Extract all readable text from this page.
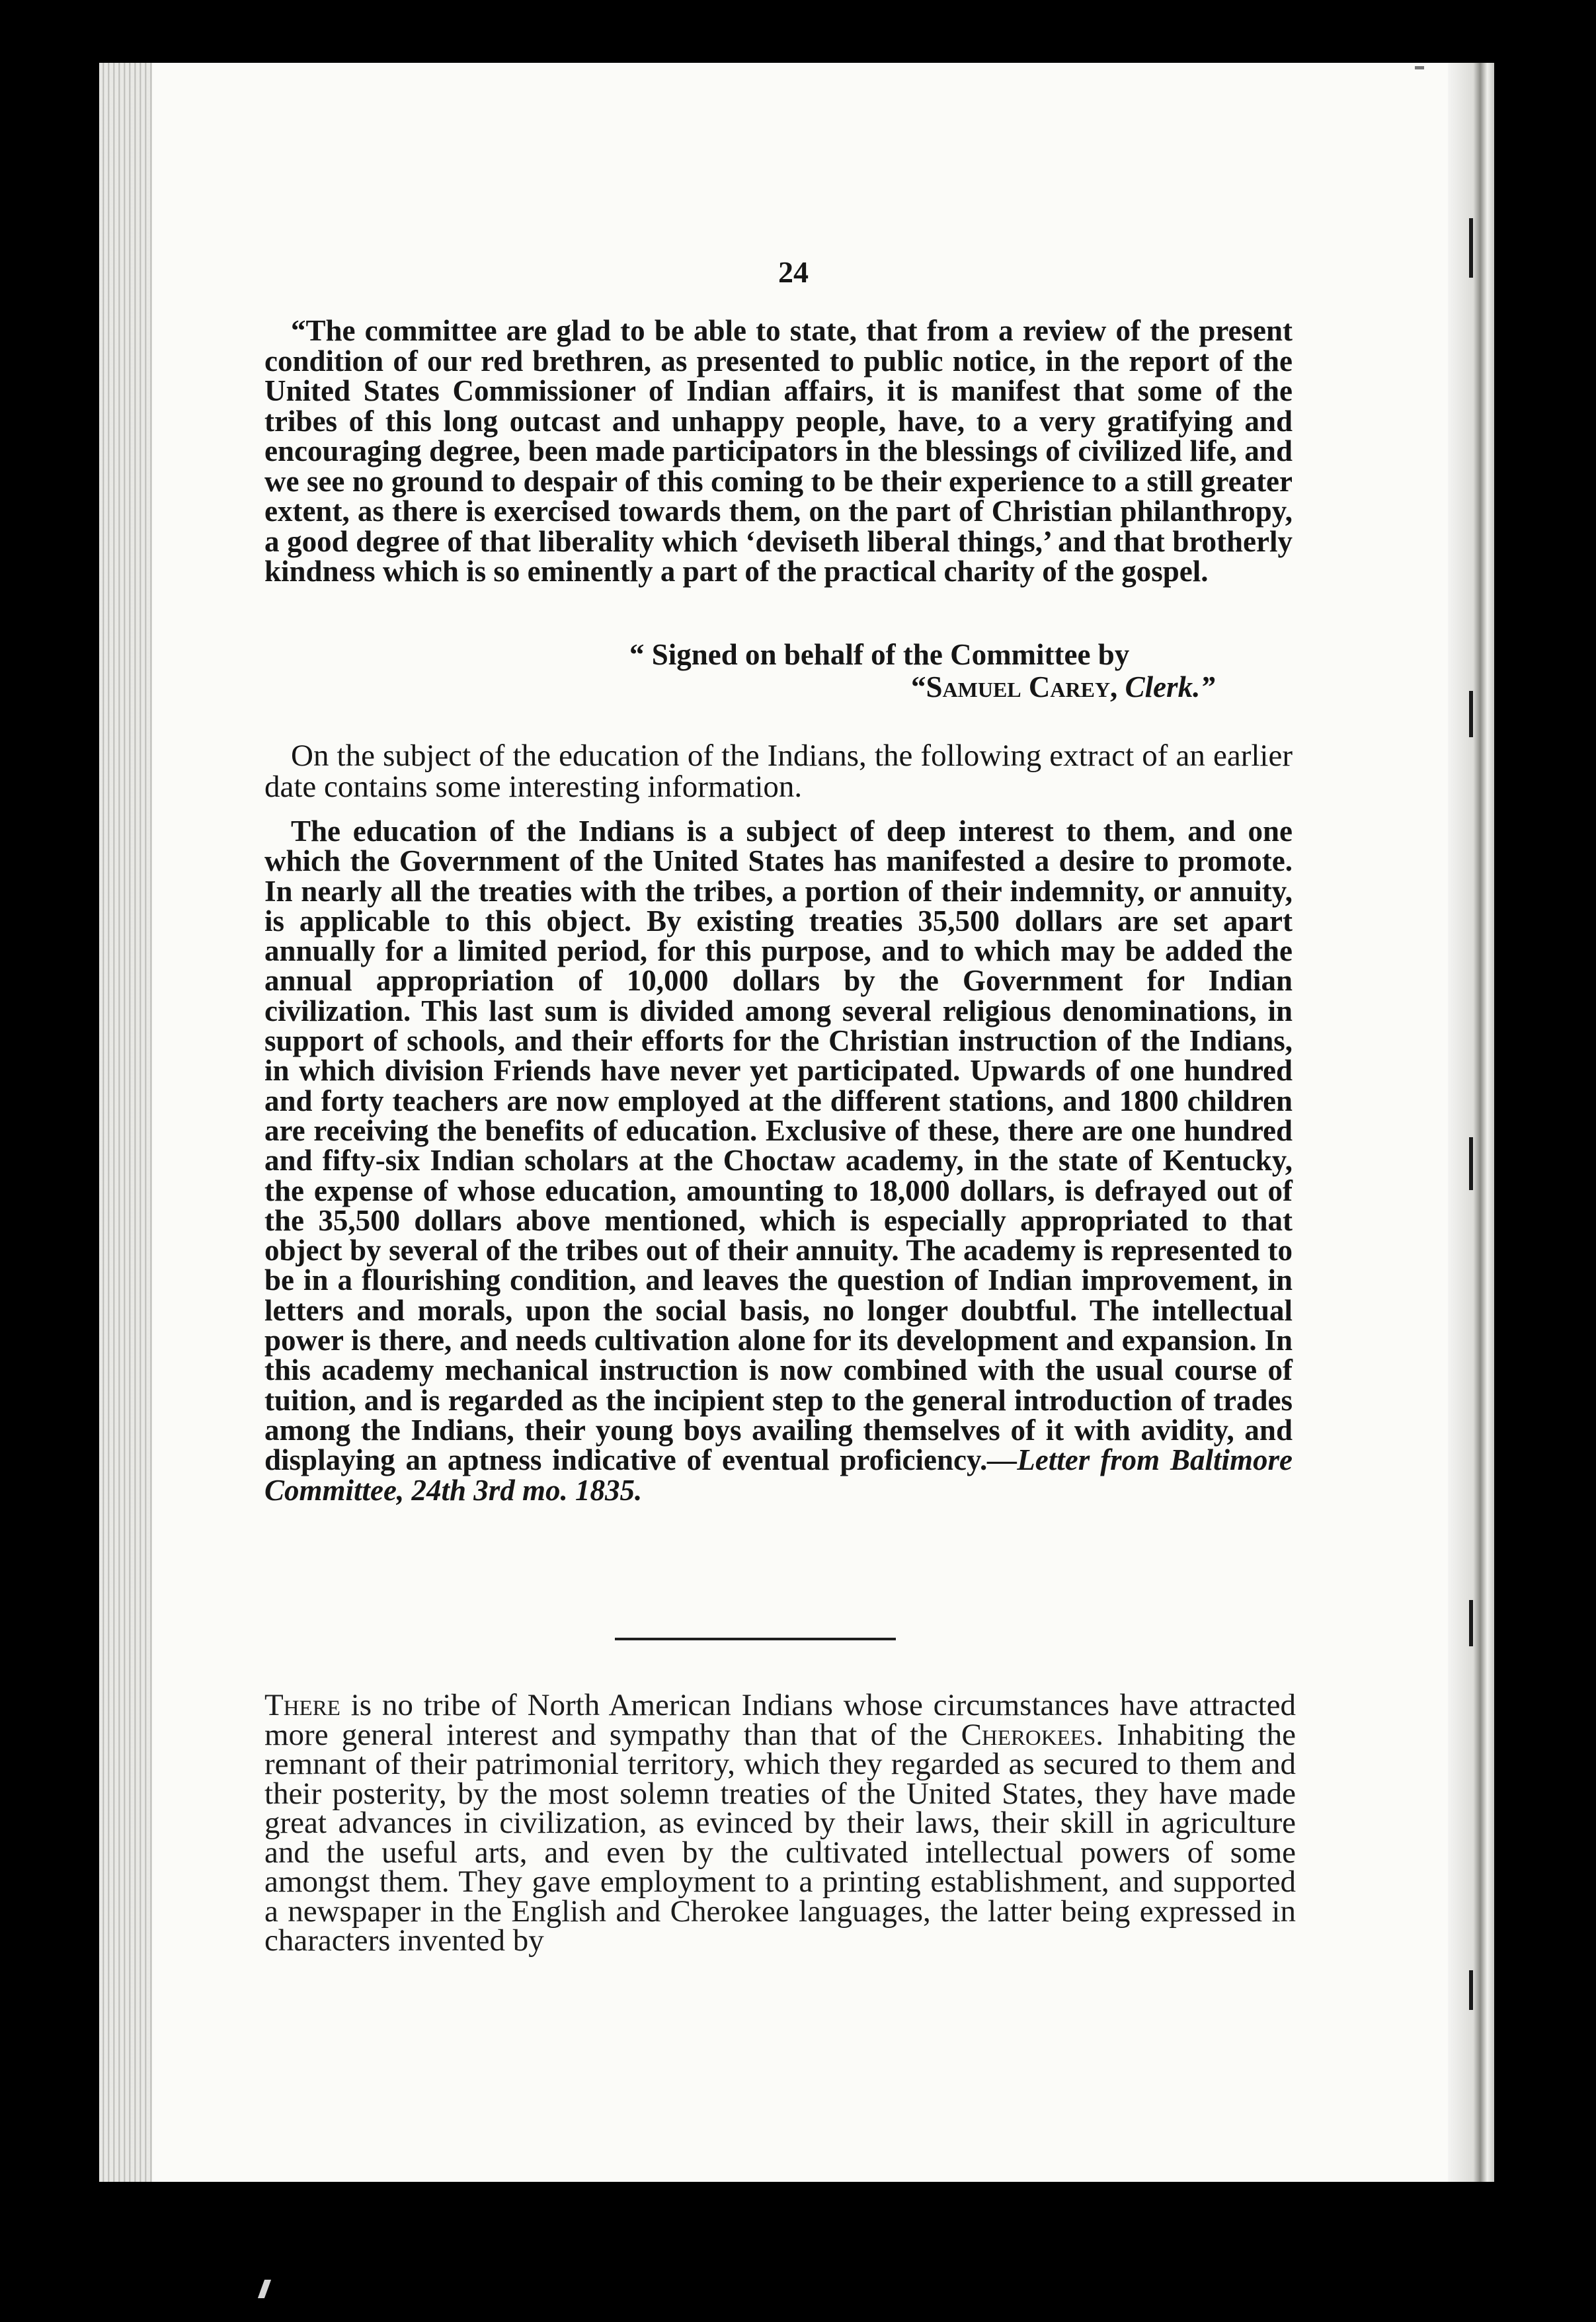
24

“The committee are glad to be able to state, that from a review of the present condition of our red brethren, as presented to public notice, in the report of the United States Commissioner of Indian affairs, it is manifest that some of the tribes of this long outcast and unhappy people, have, to a very gratifying and encouraging degree, been made participators in the blessings of civilized life, and we see no ground to despair of this coming to be their experience to a still greater extent, as there is exercised towards them, on the part of Christian philanthropy, a good degree of that liberality which ‘deviseth liberal things,’ and that brotherly kindness which is so eminently a part of the practical charity of the gospel.

“ Signed on behalf of the Committee by
“Samuel Carey, Clerk.”

On the subject of the education of the Indians, the following extract of an earlier date contains some interesting information.

The education of the Indians is a subject of deep interest to them, and one which the Government of the United States has manifested a desire to promote. In nearly all the treaties with the tribes, a portion of their indemnity, or annuity, is applicable to this object. By existing treaties 35,500 dollars are set apart annually for a limited period, for this purpose, and to which may be added the annual appropriation of 10,000 dollars by the Government for Indian civilization. This last sum is divided among several religious denominations, in support of schools, and their efforts for the Christian instruction of the Indians, in which division Friends have never yet participated. Upwards of one hundred and forty teachers are now employed at the different stations, and 1800 children are receiving the benefits of education. Exclusive of these, there are one hundred and fifty-six Indian scholars at the Choctaw academy, in the state of Kentucky, the expense of whose education, amounting to 18,000 dollars, is defrayed out of the 35,500 dollars above mentioned, which is especially appropriated to that object by several of the tribes out of their annuity. The academy is represented to be in a flourishing condition, and leaves the question of Indian improvement, in letters and morals, upon the social basis, no longer doubtful. The intellectual power is there, and needs cultivation alone for its development and expansion. In this academy mechanical instruction is now combined with the usual course of tuition, and is regarded as the incipient step to the general introduction of trades among the Indians, their young boys availing themselves of it with avidity, and displaying an aptness indicative of eventual proficiency.—Letter from Baltimore Committee, 24th 3rd mo. 1835.

There is no tribe of North American Indians whose circumstances have attracted more general interest and sympathy than that of the Cherokees. Inhabiting the remnant of their patrimonial territory, which they regarded as secured to them and their posterity, by the most solemn treaties of the United States, they have made great advances in civilization, as evinced by their laws, their skill in agriculture and the useful arts, and even by the cultivated intellectual powers of some amongst them. They gave employment to a printing establishment, and supported a newspaper in the English and Cherokee languages, the latter being expressed in characters invented by
